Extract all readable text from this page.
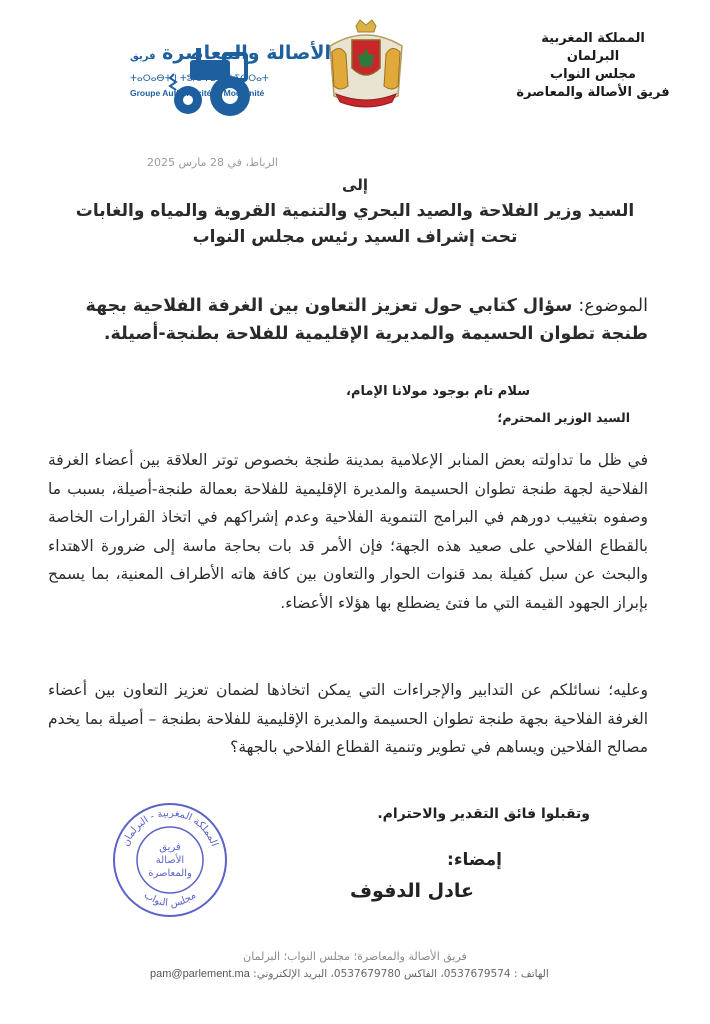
المملكة المغربية
البرلمان
مجلس النواب
فريق الأصالة والمعاصرة
الأصالة والمعاصرة فريق
ⵜⴰⵔⴰⴱⵜ ⵏ ⵜⵓⵏⵙⵜⵉ ⴷ ⵜⵉⵔⵔⴰⵜ
Groupe Authenticité et Modernité
الرباط، في 28 مارس 2025
إلى
السيد وزير الفلاحة والصيد البحري والتنمية القروية والمياه والغابات
تحت إشراف السيد رئيس مجلس النواب
الموضوع: سؤال كتابي حول تعزيز التعاون بين الغرفة الفلاحية بجهة طنجة تطوان الحسيمة والمديرية الإقليمية للفلاحة بطنجة-أصيلة.
سلام تام بوجود مولانا الإمام،
السيد الوزير المحترم؛
في ظل ما تداولته بعض المنابر الإعلامية بمدينة طنجة بخصوص توتر العلاقة بين أعضاء الغرفة الفلاحية لجهة طنجة تطوان الحسيمة والمديرة الإقليمية للفلاحة بعمالة طنجة-أصيلة، بسبب ما وصفوه بتغييب دورهم في البرامج التنموية الفلاحية وعدم إشراكهم في اتخاذ القرارات الخاصة بالقطاع الفلاحي على صعيد هذه الجهة؛ فإن الأمر قد بات بحاجة ماسة إلى ضرورة الاهتداء والبحث عن سبل كفيلة بمد قنوات الحوار والتعاون بين كافة هاته الأطراف المعنية، بما يسمح بإبراز الجهود القيمة التي ما فتئ يضطلع بها هؤلاء الأعضاء.
وعليه؛ نسائلكم عن التدابير والإجراءات التي يمكن اتخاذها لضمان تعزيز التعاون بين أعضاء الغرفة الفلاحية بجهة طنجة تطوان الحسيمة والمديرة الإقليمية للفلاحة بطنجة – أصيلة بما يخدم مصالح الفلاحين ويساهم في تطوير وتنمية القطاع الفلاحي بالجهة؟
وتقبلوا فائق التقدير والاحترام.
المملكة المغربية - البرلمان
مجلس النواب
فريق
الأصالة
والمعاصرة
إمضاء:
عادل الدفوف
فريق الأصالة والمعاصرة؛ مجلس النواب؛ البرلمان
الهاتف : 0537679574، الفاكس 0537679780، البريد الإلكتروني: pam@parlement.ma
